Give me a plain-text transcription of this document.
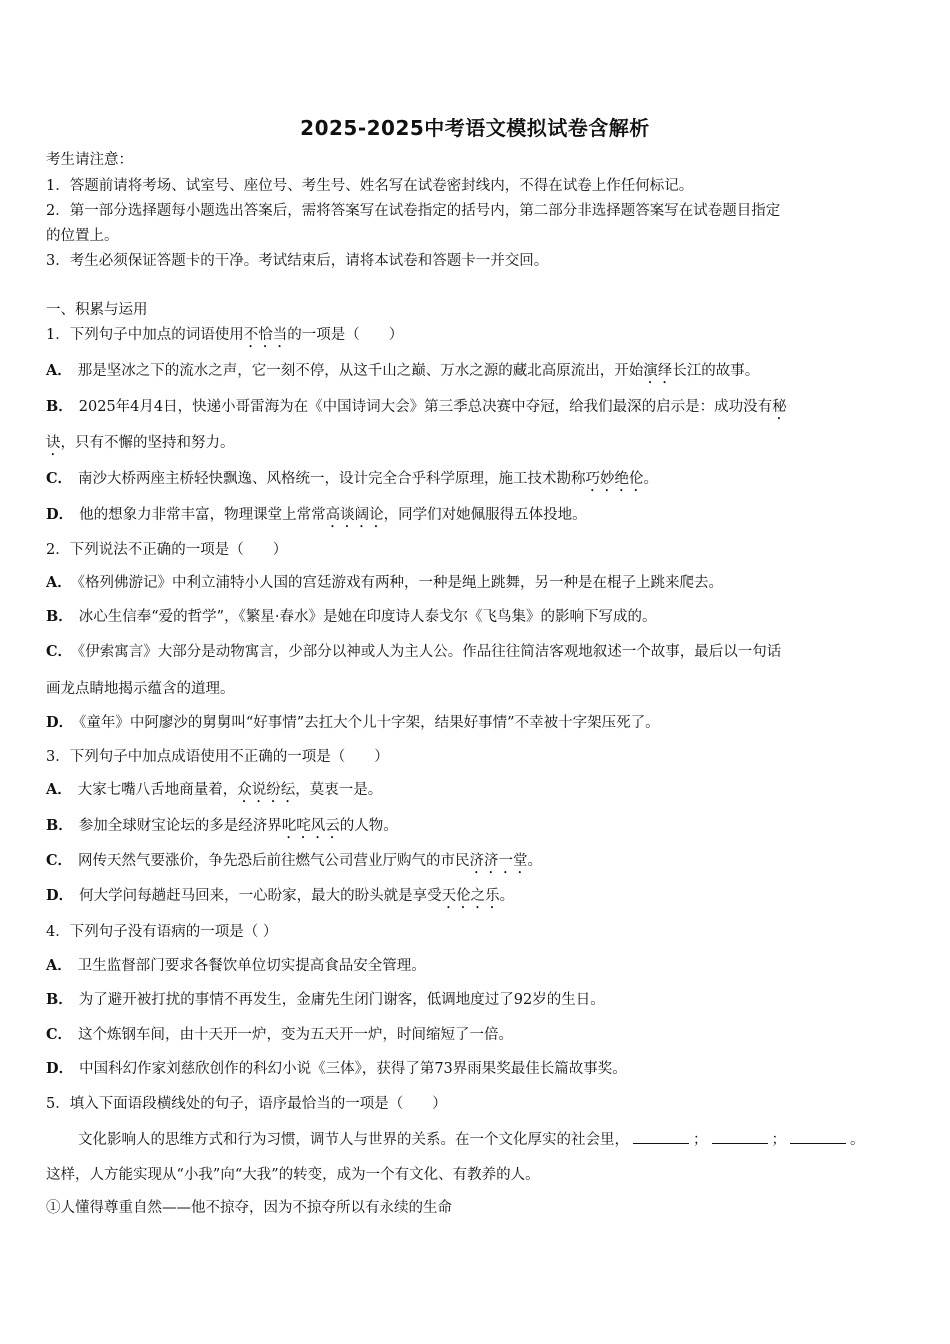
2025-2025中考语文模拟试卷含解析
考生请注意：
1．答题前请将考场、试室号、座位号、考生号、姓名写在试卷密封线内，不得在试卷上作任何标记。
2．第一部分选择题每小题选出答案后，需将答案写在试卷指定的括号内，第二部分非选择题答案写在试卷题目指定
的位置上。
3．考生必须保证答题卡的干净。考试结束后，请将本试卷和答题卡一并交回。
一、积累与运用
1．下列句子中加点的词语使用不恰当的一项是（　　）
A． 那是坚冰之下的流水之声，它一刻不停，从这千山之巅、万水之源的藏北高原流出，开始演绎长江的故事。
B． 2025年4月4日，快递小哥雷海为在《中国诗词大会》第三季总决赛中夺冠，给我们最深的启示是：成功没有秘
诀，只有不懈的坚持和努力。
C． 南沙大桥两座主桥轻快飘逸、风格统一，设计完全合乎科学原理，施工技术勘称巧妙绝伦。
D． 他的想象力非常丰富，物理课堂上常常高谈阔论，同学们对她佩服得五体投地。
2．下列说法不正确的一项是（　　）
A． 《格列佛游记》中利立浦特小人国的宫廷游戏有两种，一种是绳上跳舞，另一种是在棍子上跳来爬去。
B． 冰心生信奉“爱的哲学”，《繁星·春水》是她在印度诗人泰戈尔《飞鸟集》的影响下写成的。
C． 《伊索寓言》大部分是动物寓言，少部分以神或人为主人公。作品往往简洁客观地叙述一个故事，最后以一句话
画龙点睛地揭示蕴含的道理。
D． 《童年》中阿廖沙的舅舅叫“好事情”去扛大个儿十字架，结果好事情”不幸被十字架压死了。
3．下列句子中加点成语使用不正确的一项是（　　）
A． 大家七嘴八舌地商量着，众说纷纭，莫衷一是。
B． 参加全球财宝论坛的多是经济界叱咤风云的人物。
C． 网传天然气要涨价，争先恐后前往燃气公司营业厅购气的市民济济一堂。
D． 何大学问每趟赶马回来，一心盼家，最大的盼头就是享受天伦之乐。
4．下列句子没有语病的一项是（ ）
A． 卫生监督部门要求各餐饮单位切实提高食品安全管理。
B． 为了避开被打扰的事情不再发生，金庸先生闭门谢客，低调地度过了92岁的生日。
C． 这个炼钢车间，由十天开一炉，变为五天开一炉，时间缩短了一倍。
D． 中国科幻作家刘慈欣创作的科幻小说《三体》，获得了第73界雨果奖最佳长篇故事奖。
5．填入下面语段横线处的句子，语序最恰当的一项是（　　）
文化影响人的思维方式和行为习惯，调节人与世界的关系。在一个文化厚实的社会里，	；	；	。
这样，人方能实现从“小我”向“大我”的转变，成为一个有文化、有教养的人。
①人懂得尊重自然——他不掠夺，因为不掠夺所以有永续的生命
